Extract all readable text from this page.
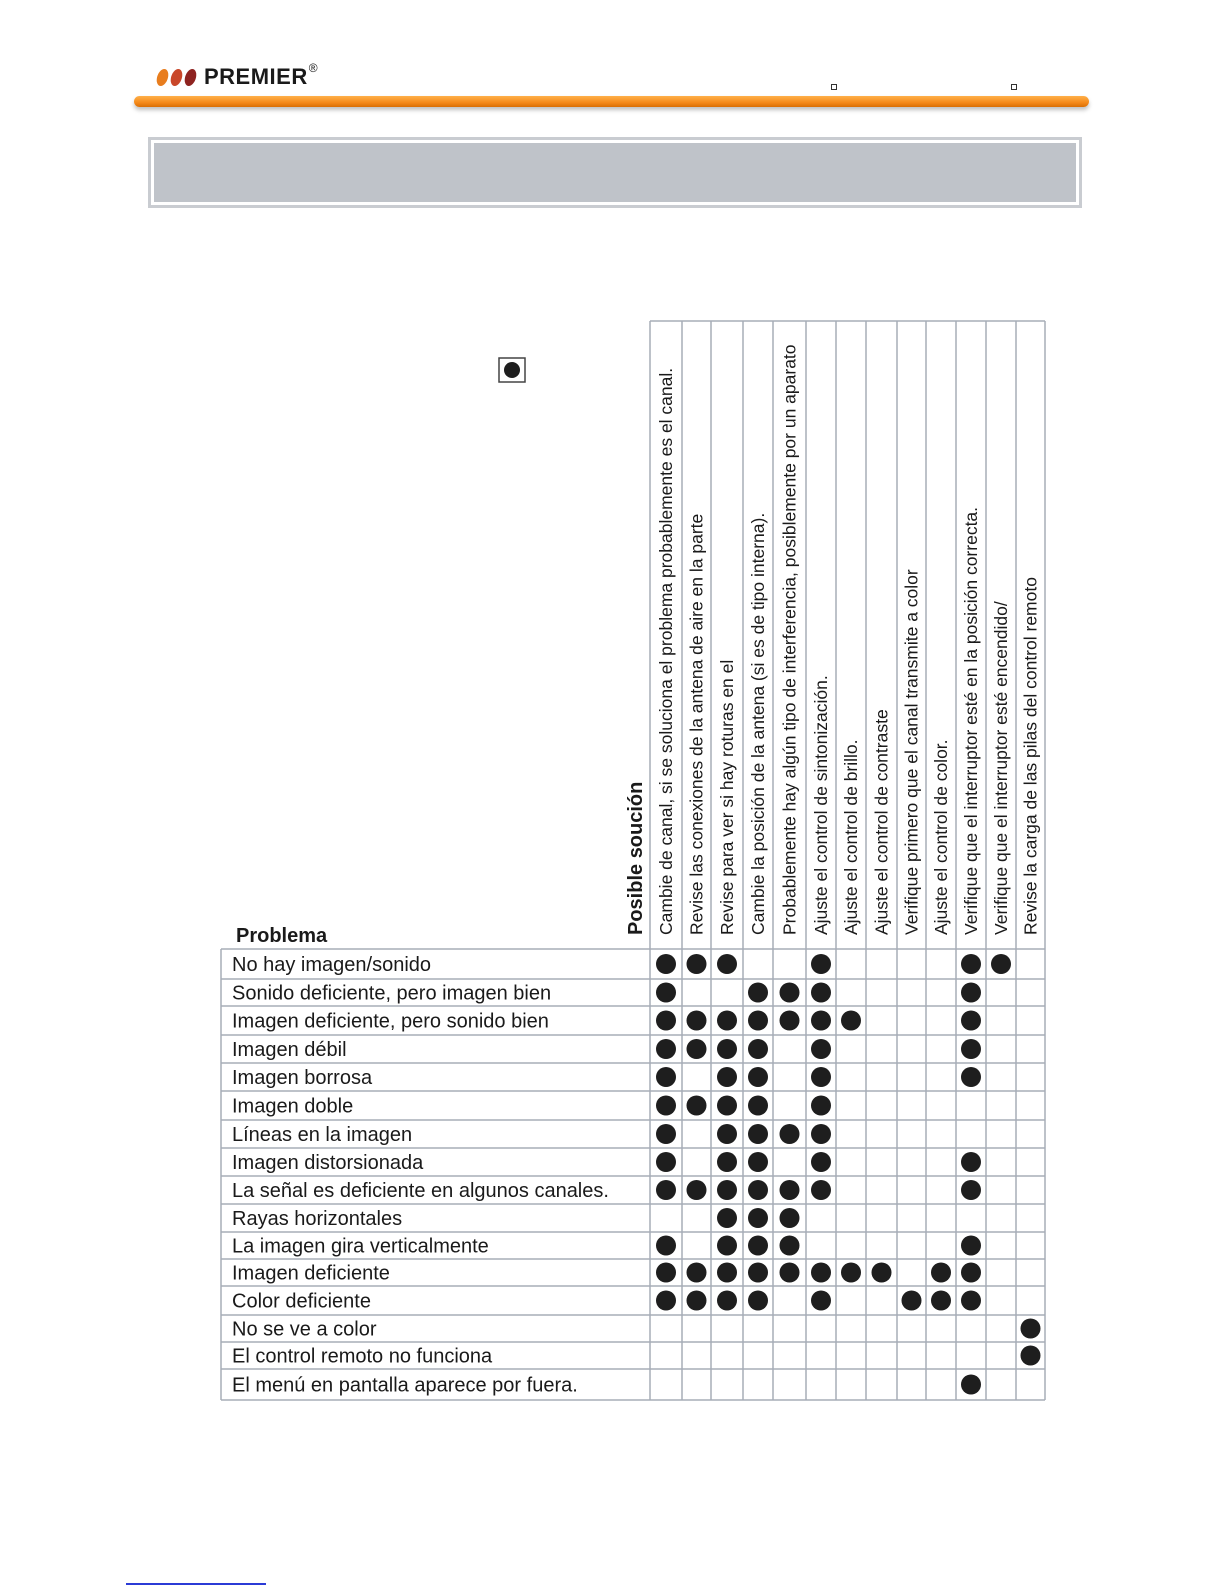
PREMIER ®
Problema
Posible soución Cambie de canal, si se soluciona el problema probablemente es el canal. Revise las conexiones de la antena de aire en la parte Revise para ver si hay roturas en el Cambie la posición de la antena (si es de tipo interna). Probablemente hay algún tipo de interferencia, posiblemente por un aparato Ajuste el control de sintonización. Ajuste el control de brillo. Ajuste el control de contraste Verifique primero que el canal transmite a color Ajuste el control de color. Verifique que el interruptor esté en la posición correcta. Verifique que el interruptor esté encendido/ Revise la carga de las pilas del control remoto
No hay imagen/sonido
Sonido deficiente, pero imagen bien
Imagen deficiente, pero sonido bien
Imagen débil
Imagen borrosa
Imagen doble
Líneas en la imagen
Imagen distorsionada
La señal es deficiente en algunos canales.
Rayas horizontales
La imagen gira verticalmente
Imagen deficiente
Color deficiente
No se ve a color
El control remoto no funciona
El menú en pantalla aparece por fuera.
